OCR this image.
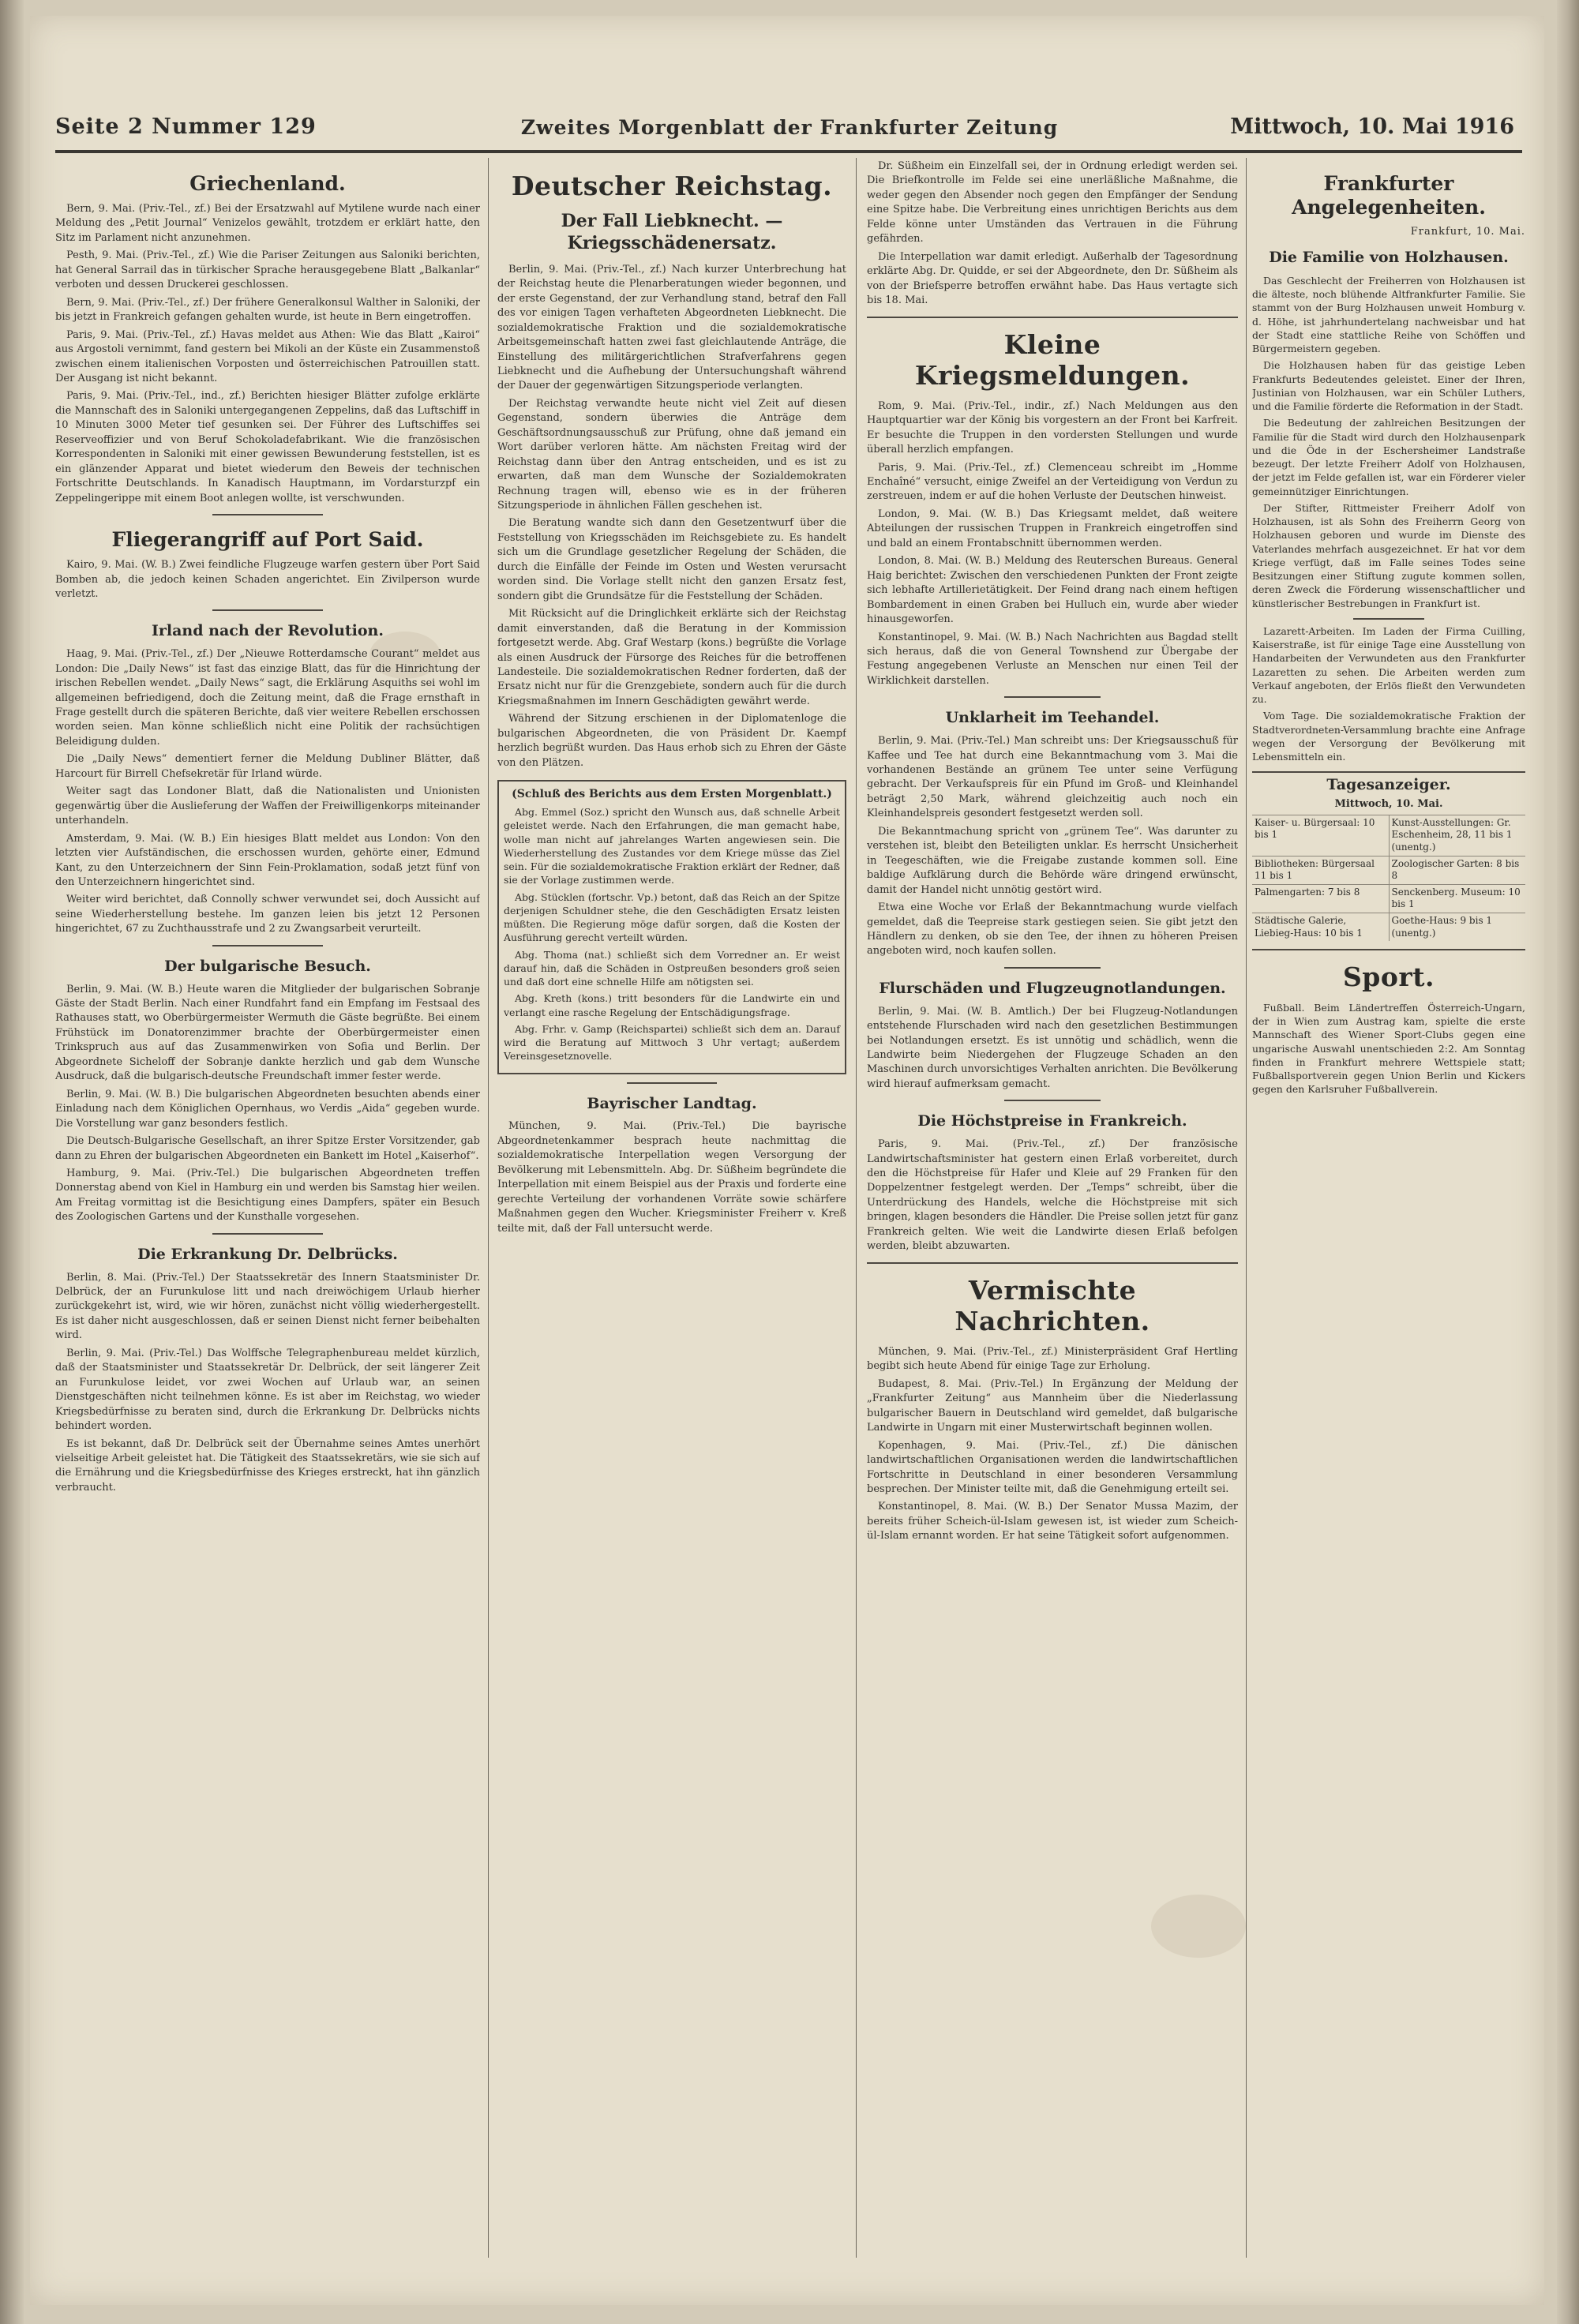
Seite 2 Nummer 129	Zweites Morgenblatt der Frankfurter Zeitung	Mittwoch, 10. Mai 1916
Griechenland.

Bern, 9. Mai. (Priv.-Tel., zf.) Bei der Ersatzwahl auf Mytilene wurde nach einer Meldung des „Petit Journal“ Venizelos gewählt, trotzdem er erklärt hatte, den Sitz im Parlament nicht anzunehmen.

Pesth, 9. Mai. (Priv.-Tel., zf.) Wie die Pariser Zeitungen aus Saloniki berichten, hat General Sarrail das in türkischer Sprache herausgegebene Blatt „Balkanlar“ verboten und dessen Druckerei geschlossen.

Bern, 9. Mai. (Priv.-Tel., zf.) Der frühere Generalkonsul Walther in Saloniki, der bis jetzt in Frankreich gefangen gehalten wurde, ist heute in Bern eingetroffen.

Paris, 9. Mai. (Priv.-Tel., zf.) Havas meldet aus Athen: Wie das Blatt „Kairoi“ aus Argostoli vernimmt, fand gestern bei Mikoli an der Küste ein Zusammenstoß zwischen einem italienischen Vorposten und österreichischen Patrouillen statt. Der Ausgang ist nicht bekannt.

Paris, 9. Mai. (Priv.-Tel., ind., zf.) Berichten hiesiger Blätter zufolge erklärte die Mannschaft des in Saloniki untergegangenen Zeppelins, daß das Luftschiff in 10 Minuten 3000 Meter tief gesunken sei. Der Führer des Luftschiffes sei Reserveoffizier und von Beruf Schokoladefabrikant. Wie die französischen Korrespondenten in Saloniki mit einer gewissen Bewunderung feststellen, ist es ein glänzender Apparat und bietet wiederum den Beweis der technischen Fortschritte Deutschlands. In Kanadisch Hauptmann, im Vordarsturzpf ein Zeppelingerippe mit einem Boot anlegen wollte, ist verschwunden.

Fliegerangriff auf Port Said.

Kairo, 9. Mai. (W. B.) Zwei feindliche Flugzeuge warfen gestern über Port Said Bomben ab, die jedoch keinen Schaden angerichtet. Ein Zivilperson wurde verletzt.

Irland nach der Revolution.

Haag, 9. Mai. (Priv.-Tel., zf.) Der „Nieuwe Rotterdamsche Courant“ meldet aus London: Die „Daily News“ ist fast das einzige Blatt, das für die Hinrichtung der irischen Rebellen wendet. „Daily News“ sagt, die Erklärung Asquiths sei wohl im allgemeinen befriedigend, doch die Zeitung meint, daß die Frage ernsthaft in Frage gestellt durch die späteren Berichte, daß vier weitere Rebellen erschossen worden seien. Man könne schließlich nicht eine Politik der rachsüchtigen Beleidigung dulden.

Die „Daily News“ dementiert ferner die Meldung Dubliner Blätter, daß Harcourt für Birrell Chefsekretär für Irland würde.

Weiter sagt das Londoner Blatt, daß die Nationalisten und Unionisten gegenwärtig über die Auslieferung der Waffen der Freiwilligenkorps miteinander unterhandeln.

Amsterdam, 9. Mai. (W. B.) Ein hiesiges Blatt meldet aus London: Von den letzten vier Aufständischen, die erschossen wurden, gehörte einer, Edmund Kant, zu den Unterzeichnern der Sinn Fein-Proklamation, sodaß jetzt fünf von den Unterzeichnern hingerichtet sind.

Weiter wird berichtet, daß Connolly schwer verwundet sei, doch Aussicht auf seine Wiederherstellung bestehe. Im ganzen leien bis jetzt 12 Personen hingerichtet, 67 zu Zuchthausstrafe und 2 zu Zwangsarbeit verurteilt.

Der bulgarische Besuch.

Berlin, 9. Mai. (W. B.) Heute waren die Mitglieder der bulgarischen Sobranje Gäste der Stadt Berlin. Nach einer Rundfahrt fand ein Empfang im Festsaal des Rathauses statt, wo Oberbürgermeister Wermuth die Gäste begrüßte. Bei einem Frühstück im Donatorenzimmer brachte der Oberbürgermeister einen Trinkspruch aus auf das Zusammenwirken von Sofia und Berlin. Der Abgeordnete Sicheloff der Sobranje dankte herzlich und gab dem Wunsche Ausdruck, daß die bulgarisch-deutsche Freundschaft immer fester werde.

Berlin, 9. Mai. (W. B.) Die bulgarischen Abgeordneten besuchten abends einer Einladung nach dem Königlichen Opernhaus, wo Verdis „Aida“ gegeben wurde. Die Vorstellung war ganz besonders festlich.

Die Deutsch-Bulgarische Gesellschaft, an ihrer Spitze Erster Vorsitzender, gab dann zu Ehren der bulgarischen Abgeordneten ein Bankett im Hotel „Kaiserhof“.

Hamburg, 9. Mai. (Priv.-Tel.) Die bulgarischen Abgeordneten treffen Donnerstag abend von Kiel in Hamburg ein und werden bis Samstag hier weilen. Am Freitag vormittag ist die Besichtigung eines Dampfers, später ein Besuch des Zoologischen Gartens und der Kunsthalle vorgesehen.

Die Erkrankung Dr. Delbrücks.

Berlin, 8. Mai. (Priv.-Tel.) Der Staatssekretär des Innern Staatsminister Dr. Delbrück, der an Furunkulose litt und nach dreiwöchigem Urlaub hierher zurückgekehrt ist, wird, wie wir hören, zunächst nicht völlig wiederhergestellt. Es ist daher nicht ausgeschlossen, daß er seinen Dienst nicht ferner beibehalten wird.

Berlin, 9. Mai. (Priv.-Tel.) Das Wolffsche Telegraphenbureau meldet kürzlich, daß der Staatsminister und Staatssekretär Dr. Delbrück, der seit längerer Zeit an Furunkulose leidet, vor zwei Wochen auf Urlaub war, an seinen Dienstgeschäften nicht teilnehmen könne. Es ist aber im Reichstag, wo wieder Kriegsbedürfnisse zu beraten sind, durch die Erkrankung Dr. Delbrücks nichts behindert worden.

Es ist bekannt, daß Dr. Delbrück seit der Übernahme seines Amtes unerhört vielseitige Arbeit geleistet hat. Die Tätigkeit des Staatssekretärs, wie sie sich auf die Ernährung und die Kriegsbedürfnisse des Krieges erstreckt, hat ihn gänzlich verbraucht.

Deutscher Reichstag.
Der Fall Liebknecht. — Kriegsschädenersatz.

Berlin, 9. Mai. (Priv.-Tel., zf.) Nach kurzer Unterbrechung hat der Reichstag heute die Plenarberatungen wieder begonnen, und der erste Gegenstand, der zur Verhandlung stand, betraf den Fall des vor einigen Tagen verhafteten Abgeordneten Liebknecht. Die sozialdemokratische Fraktion und die sozialdemokratische Arbeitsgemeinschaft hatten zwei fast gleichlautende Anträge, die Einstellung des militärgerichtlichen Strafverfahrens gegen Liebknecht und die Aufhebung der Untersuchungshaft während der Dauer der gegenwärtigen Sitzungsperiode verlangten.

Der Reichstag verwandte heute nicht viel Zeit auf diesen Gegenstand, sondern überwies die Anträge dem Geschäftsordnungsausschuß zur Prüfung, ohne daß jemand ein Wort darüber verloren hätte. Am nächsten Freitag wird der Reichstag dann über den Antrag entscheiden, und es ist zu erwarten, daß man dem Wunsche der Sozialdemokraten Rechnung tragen will, ebenso wie es in der früheren Sitzungsperiode in ähnlichen Fällen geschehen ist.

Die Beratung wandte sich dann den Gesetzentwurf über die Feststellung von Kriegsschäden im Reichsgebiete zu. Es handelt sich um die Grundlage gesetzlicher Regelung der Schäden, die durch die Einfälle der Feinde im Osten und Westen verursacht worden sind. Die Vorlage stellt nicht den ganzen Ersatz fest, sondern gibt die Grundsätze für die Feststellung der Schäden.

Mit Rücksicht auf die Dringlichkeit erklärte sich der Reichstag damit einverstanden, daß die Beratung in der Kommission fortgesetzt werde. Abg. Graf Westarp (kons.) begrüßte die Vorlage als einen Ausdruck der Fürsorge des Reiches für die betroffenen Landesteile. Die sozialdemokratischen Redner forderten, daß der Ersatz nicht nur für die Grenzgebiete, sondern auch für die durch Kriegsmaßnahmen im Innern Geschädigten gewährt werde.

Während der Sitzung erschienen in der Diplomatenloge die bulgarischen Abgeordneten, die von Präsident Dr. Kaempf herzlich begrüßt wurden. Das Haus erhob sich zu Ehren der Gäste von den Plätzen.

(Schluß des Berichts aus dem Ersten Morgenblatt.)

Abg. Emmel (Soz.) spricht den Wunsch aus, daß schnelle Arbeit geleistet werde. Nach den Erfahrungen, die man gemacht habe, wolle man nicht auf jahrelanges Warten angewiesen sein. Die Wiederherstellung des Zustandes vor dem Kriege müsse das Ziel sein. Für die sozialdemokratische Fraktion erklärt der Redner, daß sie der Vorlage zustimmen werde.

Abg. Stücklen (fortschr. Vp.) betont, daß das Reich an der Spitze derjenigen Schuldner stehe, die den Geschädigten Ersatz leisten müßten. Die Regierung möge dafür sorgen, daß die Kosten der Ausführung gerecht verteilt würden.

Abg. Thoma (nat.) schließt sich dem Vorredner an. Er weist darauf hin, daß die Schäden in Ostpreußen besonders groß seien und daß dort eine schnelle Hilfe am nötigsten sei.

Abg. Kreth (kons.) tritt besonders für die Landwirte ein und verlangt eine rasche Regelung der Entschädigungsfrage.

Abg. Frhr. v. Gamp (Reichspartei) schließt sich dem an. Darauf wird die Beratung auf Mittwoch 3 Uhr vertagt; außerdem Vereinsgesetznovelle.

Bayrischer Landtag.

München, 9. Mai. (Priv.-Tel.) Die bayrische Abgeordnetenkammer besprach heute nachmittag die sozialdemokratische Interpellation wegen Versorgung der Bevölkerung mit Lebensmitteln. Abg. Dr. Süßheim begründete die Interpellation mit einem Beispiel aus der Praxis und forderte eine gerechte Verteilung der vorhandenen Vorräte sowie schärfere Maßnahmen gegen den Wucher. Kriegsminister Freiherr v. Kreß teilte mit, daß der Fall untersucht werde.

Dr. Süßheim ein Einzelfall sei, der in Ordnung erledigt werden sei. Die Briefkontrolle im Felde sei eine unerläßliche Maßnahme, die weder gegen den Absender noch gegen den Empfänger der Sendung eine Spitze habe. Die Verbreitung eines unrichtigen Berichts aus dem Felde könne unter Umständen das Vertrauen in die Führung gefährden.

Die Interpellation war damit erledigt. Außerhalb der Tagesordnung erklärte Abg. Dr. Quidde, er sei der Abgeordnete, den Dr. Süßheim als von der Briefsperre betroffen erwähnt habe. Das Haus vertagte sich bis 18. Mai.

Kleine Kriegsmeldungen.

Rom, 9. Mai. (Priv.-Tel., indir., zf.) Nach Meldungen aus den Hauptquartier war der König bis vorgestern an der Front bei Karfreit. Er besuchte die Truppen in den vordersten Stellungen und wurde überall herzlich empfangen.

Paris, 9. Mai. (Priv.-Tel., zf.) Clemenceau schreibt im „Homme Enchaîné“ versucht, einige Zweifel an der Verteidigung von Verdun zu zerstreuen, indem er auf die hohen Verluste der Deutschen hinweist.

London, 9. Mai. (W. B.) Das Kriegsamt meldet, daß weitere Abteilungen der russischen Truppen in Frankreich eingetroffen sind und bald an einem Frontabschnitt übernommen werden.

London, 8. Mai. (W. B.) Meldung des Reuterschen Bureaus. General Haig berichtet: Zwischen den verschiedenen Punkten der Front zeigte sich lebhafte Artillerietätigkeit. Der Feind drang nach einem heftigen Bombardement in einen Graben bei Hulluch ein, wurde aber wieder hinausgeworfen.

Konstantinopel, 9. Mai. (W. B.) Nach Nachrichten aus Bagdad stellt sich heraus, daß die von General Townshend zur Übergabe der Festung angegebenen Verluste an Menschen nur einen Teil der Wirklichkeit darstellen.

Unklarheit im Teehandel.

Berlin, 9. Mai. (Priv.-Tel.) Man schreibt uns: Der Kriegsausschuß für Kaffee und Tee hat durch eine Bekanntmachung vom 3. Mai die vorhandenen Bestände an grünem Tee unter seine Verfügung gebracht. Der Verkaufspreis für ein Pfund im Groß- und Kleinhandel beträgt 2,50 Mark, während gleichzeitig auch noch ein Kleinhandelspreis gesondert festgesetzt werden soll.

Die Bekanntmachung spricht von „grünem Tee“. Was darunter zu verstehen ist, bleibt den Beteiligten unklar. Es herrscht Unsicherheit in Teegeschäften, wie die Freigabe zustande kommen soll. Eine baldige Aufklärung durch die Behörde wäre dringend erwünscht, damit der Handel nicht unnötig gestört wird.

Etwa eine Woche vor Erlaß der Bekanntmachung wurde vielfach gemeldet, daß die Teepreise stark gestiegen seien. Sie gibt jetzt den Händlern zu denken, ob sie den Tee, der ihnen zu höheren Preisen angeboten wird, noch kaufen sollen.

Flurschäden und Flugzeugnotlandungen.

Berlin, 9. Mai. (W. B. Amtlich.) Der bei Flugzeug-Notlandungen entstehende Flurschaden wird nach den gesetzlichen Bestimmungen bei Notlandungen ersetzt. Es ist unnötig und schädlich, wenn die Landwirte beim Niedergehen der Flugzeuge Schaden an den Maschinen durch unvorsichtiges Verhalten anrichten. Die Bevölkerung wird hierauf aufmerksam gemacht.

Die Höchstpreise in Frankreich.

Paris, 9. Mai. (Priv.-Tel., zf.) Der französische Landwirtschaftsminister hat gestern einen Erlaß vorbereitet, durch den die Höchstpreise für Hafer und Kleie auf 29 Franken für den Doppelzentner festgelegt werden. Der „Temps“ schreibt, über die Unterdrückung des Handels, welche die Höchstpreise mit sich bringen, klagen besonders die Händler. Die Preise sollen jetzt für ganz Frankreich gelten. Wie weit die Landwirte diesen Erlaß befolgen werden, bleibt abzuwarten.

Vermischte Nachrichten.

München, 9. Mai. (Priv.-Tel., zf.) Ministerpräsident Graf Hertling begibt sich heute Abend für einige Tage zur Erholung.

Budapest, 8. Mai. (Priv.-Tel.) In Ergänzung der Meldung der „Frankfurter Zeitung“ aus Mannheim über die Niederlassung bulgarischer Bauern in Deutschland wird gemeldet, daß bulgarische Landwirte in Ungarn mit einer Musterwirtschaft beginnen wollen.

Kopenhagen, 9. Mai. (Priv.-Tel., zf.) Die dänischen landwirtschaftlichen Organisationen werden die landwirtschaftlichen Fortschritte in Deutschland in einer besonderen Versammlung besprechen. Der Minister teilte mit, daß die Genehmigung erteilt sei.

Konstantinopel, 8. Mai. (W. B.) Der Senator Mussa Mazim, der bereits früher Scheich-ül-Islam gewesen ist, ist wieder zum Scheich-ül-Islam ernannt worden. Er hat seine Tätigkeit sofort aufgenommen.

Frankfurter Angelegenheiten.
Frankfurt, 10. Mai.
Die Familie von Holzhausen.

Das Geschlecht der Freiherren von Holzhausen ist die älteste, noch blühende Altfrankfurter Familie. Sie stammt von der Burg Holzhausen unweit Homburg v. d. Höhe, ist jahrhundertelang nachweisbar und hat der Stadt eine stattliche Reihe von Schöffen und Bürgermeistern gegeben.

Die Holzhausen haben für das geistige Leben Frankfurts Bedeutendes geleistet. Einer der Ihren, Justinian von Holzhausen, war ein Schüler Luthers, und die Familie förderte die Reformation in der Stadt.

Die Bedeutung der zahlreichen Besitzungen der Familie für die Stadt wird durch den Holzhausenpark und die Öde in der Eschersheimer Landstraße bezeugt. Der letzte Freiherr Adolf von Holzhausen, der jetzt im Felde gefallen ist, war ein Förderer vieler gemeinnütziger Einrichtungen.

Der Stifter, Rittmeister Freiherr Adolf von Holzhausen, ist als Sohn des Freiherrn Georg von Holzhausen geboren und wurde im Dienste des Vaterlandes mehrfach ausgezeichnet. Er hat vor dem Kriege verfügt, daß im Falle seines Todes seine Besitzungen einer Stiftung zugute kommen sollen, deren Zweck die Förderung wissenschaftlicher und künstlerischer Bestrebungen in Frankfurt ist.

Lazarett-Arbeiten. Im Laden der Firma Cuilling, Kaiserstraße, ist für einige Tage eine Ausstellung von Handarbeiten der Verwundeten aus den Frankfurter Lazaretten zu sehen. Die Arbeiten werden zum Verkauf angeboten, der Erlös fließt den Verwundeten zu.

Vom Tage. Die sozialdemokratische Fraktion der Stadtverordneten-Versammlung brachte eine Anfrage wegen der Versorgung der Bevölkerung mit Lebensmitteln ein.

Tagesanzeiger.
Mittwoch, 10. Mai.
Kaiser- u. Bürgersaal: 10 bis 1	Kunst-Ausstellungen: Gr. Eschenheim, 28, 11 bis 1 (unentg.)
Bibliotheken: Bürgersaal 11 bis 1	Zoologischer Garten: 8 bis 8
Palmengarten: 7 bis 8	Senckenberg. Museum: 10 bis 1
Städtische Galerie, Liebieg-Haus: 10 bis 1	Goethe-Haus: 9 bis 1 (unentg.)
Sport.

Fußball. Beim Ländertreffen Österreich-Ungarn, der in Wien zum Austrag kam, spielte die erste Mannschaft des Wiener Sport-Clubs gegen eine ungarische Auswahl unentschieden 2:2. Am Sonntag finden in Frankfurt mehrere Wettspiele statt; Fußballsportverein gegen Union Berlin und Kickers gegen den Karlsruher Fußballverein.
